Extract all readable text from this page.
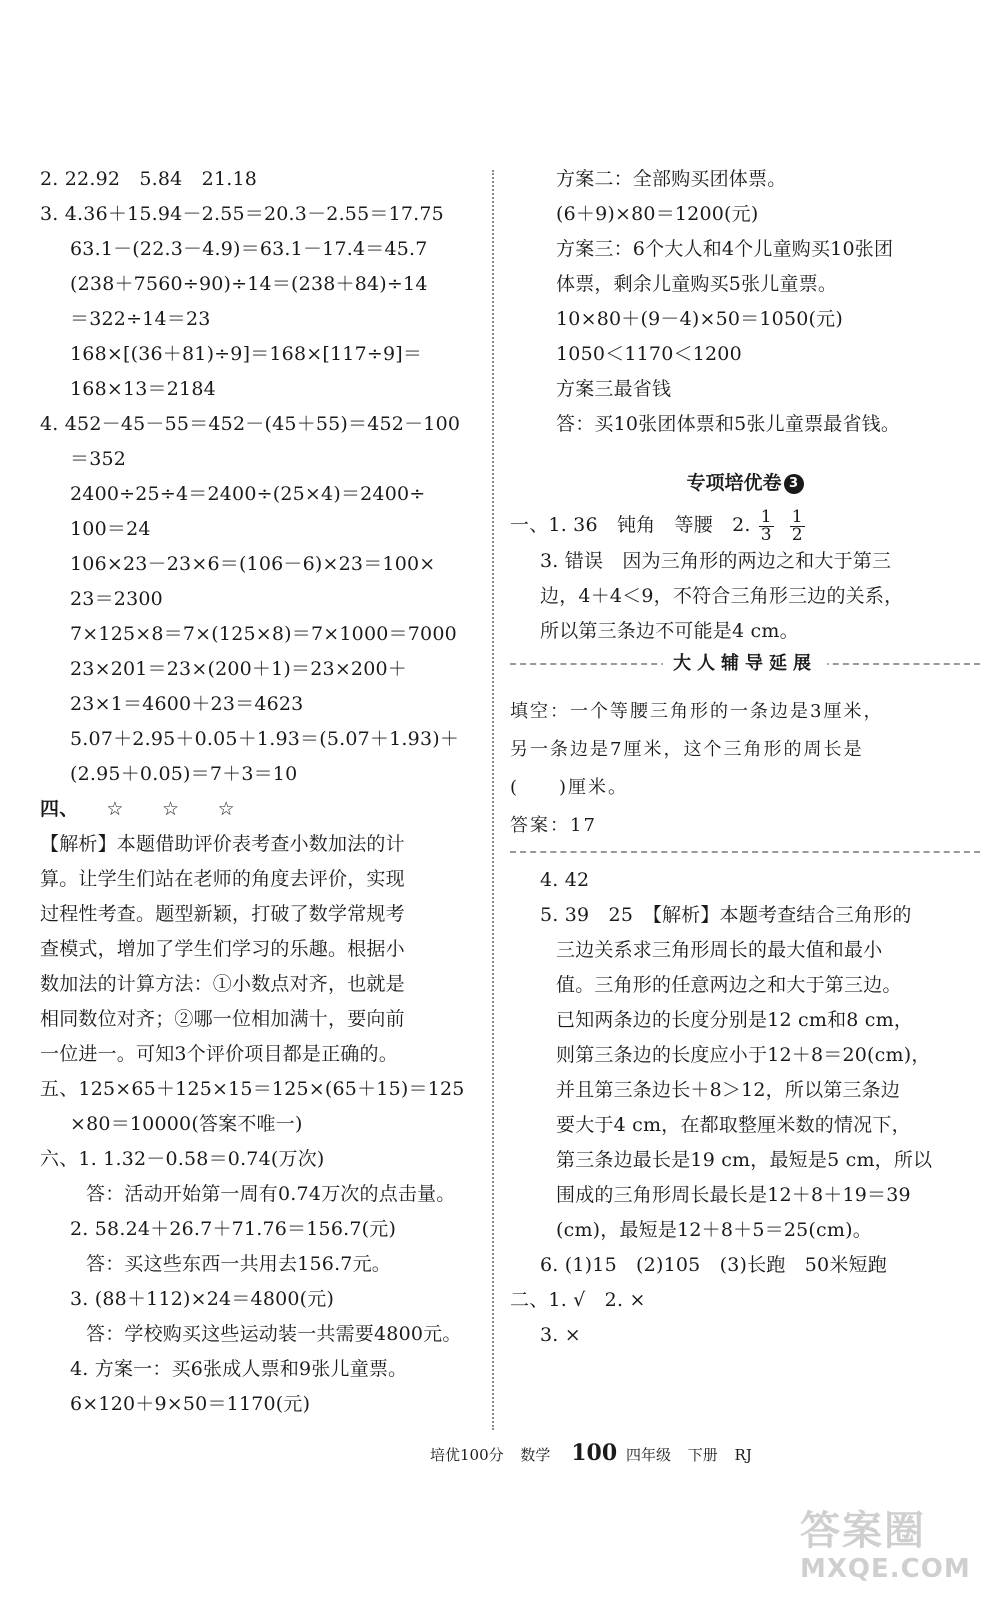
2. 22.92　5.84　21.18
3. 4.36＋15.94－2.55＝20.3－2.55＝17.75
63.1－(22.3－4.9)＝63.1－17.4＝45.7
(238＋7560÷90)÷14＝(238＋84)÷14
＝322÷14＝23
168×[(36＋81)÷9]＝168×[117÷9]＝
168×13＝2184
4. 452－45－55＝452－(45＋55)＝452－100
＝352
2400÷25÷4＝2400÷(25×4)＝2400÷
100＝24
106×23－23×6＝(106－6)×23＝100×
23＝2300
7×125×8＝7×(125×8)＝7×1000＝7000
23×201＝23×(200＋1)＝23×200＋
23×1＝4600＋23＝4623
5.07＋2.95＋0.05＋1.93＝(5.07＋1.93)＋
(2.95＋0.05)＝7＋3＝10
四、 ☆　　☆　　☆
【解析】本题借助评价表考查小数加法的计
算。让学生们站在老师的角度去评价，实现
过程性考查。题型新颖，打破了数学常规考
查模式，增加了学生们学习的乐趣。根据小
数加法的计算方法：①小数点对齐，也就是
相同数位对齐；②哪一位相加满十，要向前
一位进一。可知3个评价项目都是正确的。
五、125×65＋125×15＝125×(65＋15)＝125
×80＝10000(答案不唯一)
六、1. 1.32－0.58＝0.74(万次)
答：活动开始第一周有0.74万次的点击量。
2. 58.24＋26.7＋71.76＝156.7(元)
答：买这些东西一共用去156.7元。
3. (88＋112)×24＝4800(元)
答：学校购买这些运动装一共需要4800元。
4. 方案一：买6张成人票和9张儿童票。
6×120＋9×50＝1170(元)
方案二：全部购买团体票。
(6＋9)×80＝1200(元)
方案三：6个大人和4个儿童购买10张团
体票，剩余儿童购买5张儿童票。
10×80＋(9－4)×50＝1050(元)
1050＜1170＜1200
方案三最省钱
答：买10张团体票和5张儿童票最省钱。
专项培优卷 3
一、1. 36　钝角　等腰　2. $\frac{1}{3} \frac{1}{2}$
3. 错误　因为三角形的两边之和大于第三
边，4＋4＜9，不符合三角形三边的关系，
所以第三条边不可能是4 cm。
大人辅导延展
填空：一个等腰三角形的一条边是3厘米，
另一条边是7厘米，这个三角形的周长是
(　　)厘米。
答案：17
4. 42
5. 39　25　【解析】本题考查结合三角形的
三边关系求三角形周长的最大值和最小
值。三角形的任意两边之和大于第三边。
已知两条边的长度分别是12 cm和8 cm，
则第三条边的长度应小于12＋8＝20(cm)，
并且第三条边长＋8＞12，所以第三条边
要大于4 cm，在都取整厘米数的情况下，
第三条边最长是19 cm，最短是5 cm，所以
围成的三角形周长最长是12＋8＋19＝39
(cm)，最短是12＋8＋5＝25(cm)。
6. (1)15　(2)105　(3)长跑　50米短跑
二、1. √　2. ×
3. ×
培优100分 数学 100 四年级 下册 RJ
答案圈
MXQE.COM
